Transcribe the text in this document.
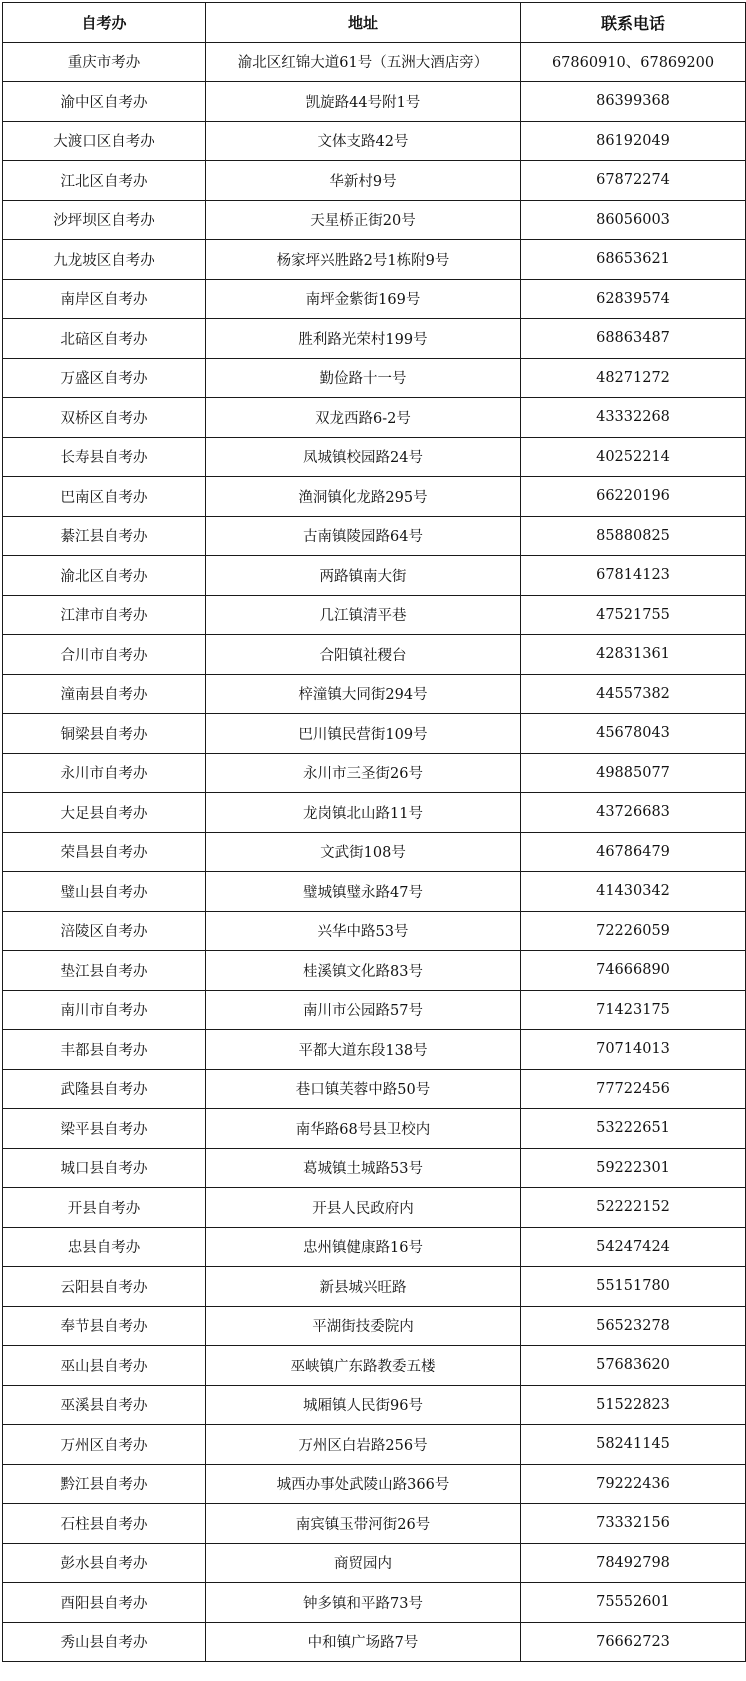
自考办	地址	联系电话
重庆市考办	渝北区红锦大道61号（五洲大酒店旁）	67860910、67869200
渝中区自考办	凯旋路44号附1号	86399368
大渡口区自考办	文体支路42号	86192049
江北区自考办	华新村9号	67872274
沙坪坝区自考办	天星桥正街20号	86056003
九龙坡区自考办	杨家坪兴胜路2号1栋附9号	68653621
南岸区自考办	南坪金紫街169号	62839574
北碚区自考办	胜利路光荣村199号	68863487
万盛区自考办	勤俭路十一号	48271272
双桥区自考办	双龙西路6-2号	43332268
长寿县自考办	凤城镇校园路24号	40252214
巴南区自考办	渔洞镇化龙路295号	66220196
綦江县自考办	古南镇陵园路64号	85880825
渝北区自考办	两路镇南大街	67814123
江津市自考办	几江镇清平巷	47521755
合川市自考办	合阳镇社稷台	42831361
潼南县自考办	梓潼镇大同街294号	44557382
铜梁县自考办	巴川镇民营街109号	45678043
永川市自考办	永川市三圣街26号	49885077
大足县自考办	龙岗镇北山路11号	43726683
荣昌县自考办	文武街108号	46786479
璧山县自考办	璧城镇璧永路47号	41430342
涪陵区自考办	兴华中路53号	72226059
垫江县自考办	桂溪镇文化路83号	74666890
南川市自考办	南川市公园路57号	71423175
丰都县自考办	平都大道东段138号	70714013
武隆县自考办	巷口镇芙蓉中路50号	77722456
梁平县自考办	南华路68号县卫校内	53222651
城口县自考办	葛城镇土城路53号	59222301
开县自考办	开县人民政府内	52222152
忠县自考办	忠州镇健康路16号	54247424
云阳县自考办	新县城兴旺路	55151780
奉节县自考办	平湖街技委院内	56523278
巫山县自考办	巫峡镇广东路教委五楼	57683620
巫溪县自考办	城厢镇人民街96号	51522823
万州区自考办	万州区白岩路256号	58241145
黔江县自考办	城西办事处武陵山路366号	79222436
石柱县自考办	南宾镇玉带河街26号	73332156
彭水县自考办	商贸园内	78492798
酉阳县自考办	钟多镇和平路73号	75552601
秀山县自考办	中和镇广场路7号	76662723
